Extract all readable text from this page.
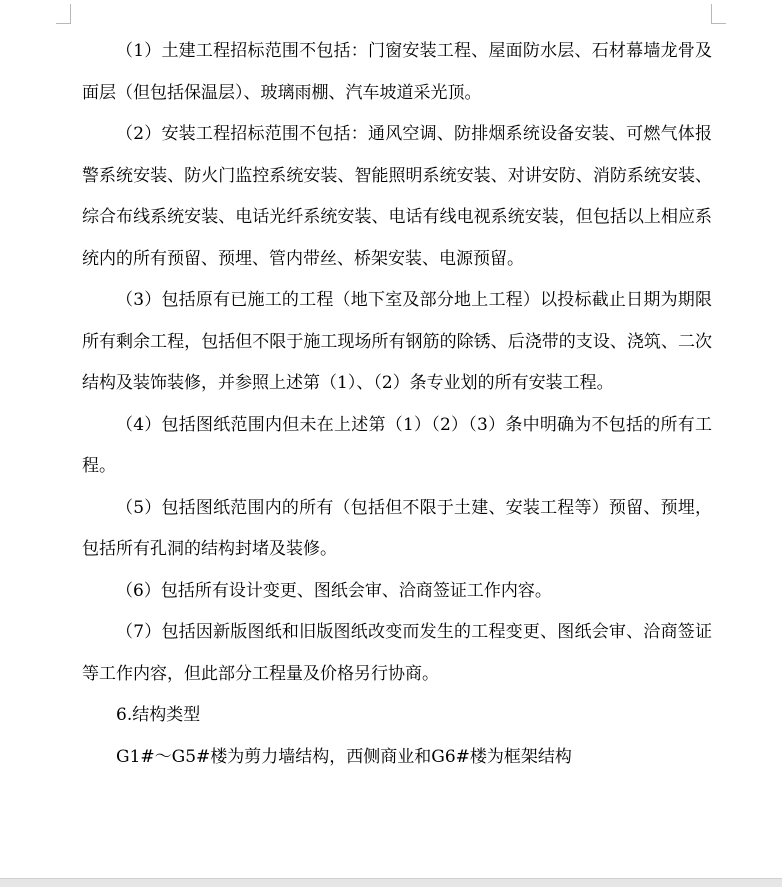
（1）土建工程招标范围不包括：门窗安装工程、屋面防水层、石材幕墙龙骨及面层（但包括保温层）、玻璃雨棚、汽车坡道采光顶。

（2）安装工程招标范围不包括：通风空调、防排烟系统设备安装、可燃气体报警系统安装、防火门监控系统安装、智能照明系统安装、对讲安防、消防系统安装、综合布线系统安装、电话光纤系统安装、电话有线电视系统安装，但包括以上相应系统内的所有预留、预埋、管内带丝、桥架安装、电源预留。

（3）包括原有已施工的工程（地下室及部分地上工程）以投标截止日期为期限所有剩余工程，包括但不限于施工现场所有钢筋的除锈、后浇带的支设、浇筑、二次结构及装饰装修，并参照上述第（1）、（2）条专业划的所有安装工程。

（4）包括图纸范围内但未在上述第（1）（2）（3）条中明确为不包括的所有工程。

（5）包括图纸范围内的所有（包括但不限于土建、安装工程等）预留、预埋，包括所有孔洞的结构封堵及装修。

（6）包括所有设计变更、图纸会审、洽商签证工作内容。

（7）包括因新版图纸和旧版图纸改变而发生的工程变更、图纸会审、洽商签证等工作内容，但此部分工程量及价格另行协商。

6.结构类型

G1#～G5#楼为剪力墙结构，西侧商业和G6#楼为框架结构
